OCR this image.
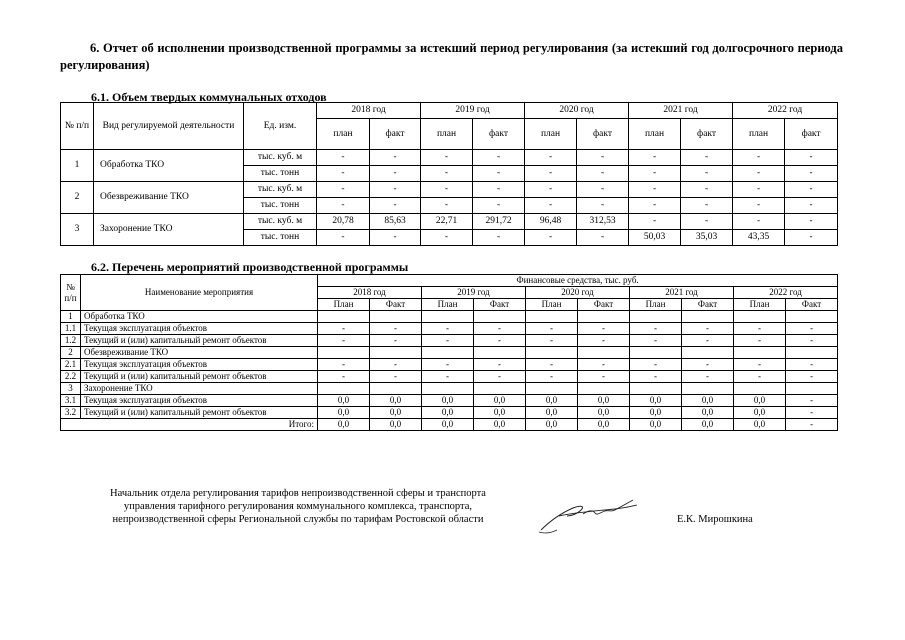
6. Отчет об исполнении производственной программы за истекший период регулирования (за истекший год долгосрочного периода регулирования)
6.1. Объем твердых коммунальных отходов
№ п/п	Вид регулируемой деятельности	Ед. изм.	2018 год		2019 год		2020 год		2021 год		2022 год	
			план	факт	план	факт	план	факт	план	факт	план	факт
1	Обработка ТКО	тыс. куб. м	-	-	-	-	-	-	-	-	-	-
		тыс. тонн	-	-	-	-	-	-	-	-	-	-
2	Обезвреживание ТКО	тыс. куб. м	-	-	-	-	-	-	-	-	-	-
		тыс. тонн	-	-	-	-	-	-	-	-	-	-
3	Захоронение ТКО	тыс. куб. м	20,78	85,63	22,71	291,72	96,48	312,53	-	-	-	-
		тыс. тонн	-	-	-	-	-	-	50,03	35,03	43,35	-
6.2. Перечень мероприятий производственной программы
№ п/п	Наименование мероприятия	Финансовые средства, тыс. руб.									
		2018 год		2019 год		2020 год		2021 год		2022 год	
		План	Факт	План	Факт	План	Факт	План	Факт	План	Факт
1	Обработка ТКО										
1.1	Текущая эксплуатация объектов	-	-	-	-	-	-	-	-	-	-
1.2	Текущий и (или) капитальный ремонт объектов	-	-	-	-	-	-	-	-	-	-
2	Обезвреживание ТКО										
2.1	Текущая эксплуатация объектов	-	-	-	-	-	-	-	-	-	-
2.2	Текущий и (или) капитальный ремонт объектов	-	-	-	-	-	-	-	-	-	-
3	Захоронение ТКО										
3.1	Текущая эксплуатация объектов	0,0	0,0	0,0	0,0	0,0	0,0	0,0	0,0	0,0	-
3.2	Текущий и (или) капитальный ремонт объектов	0,0	0,0	0,0	0,0	0,0	0,0	0,0	0,0	0,0	-
Итого:		0,0	0,0	0,0	0,0	0,0	0,0	0,0	0,0	0,0	-
Начальник отдела регулирования тарифов непроизводственной сферы и транспорта
управления тарифного регулирования коммунального комплекса, транспорта,
непроизводственной сферы Региональной службы по тарифам Ростовской области	Е.К. Мирошкина
